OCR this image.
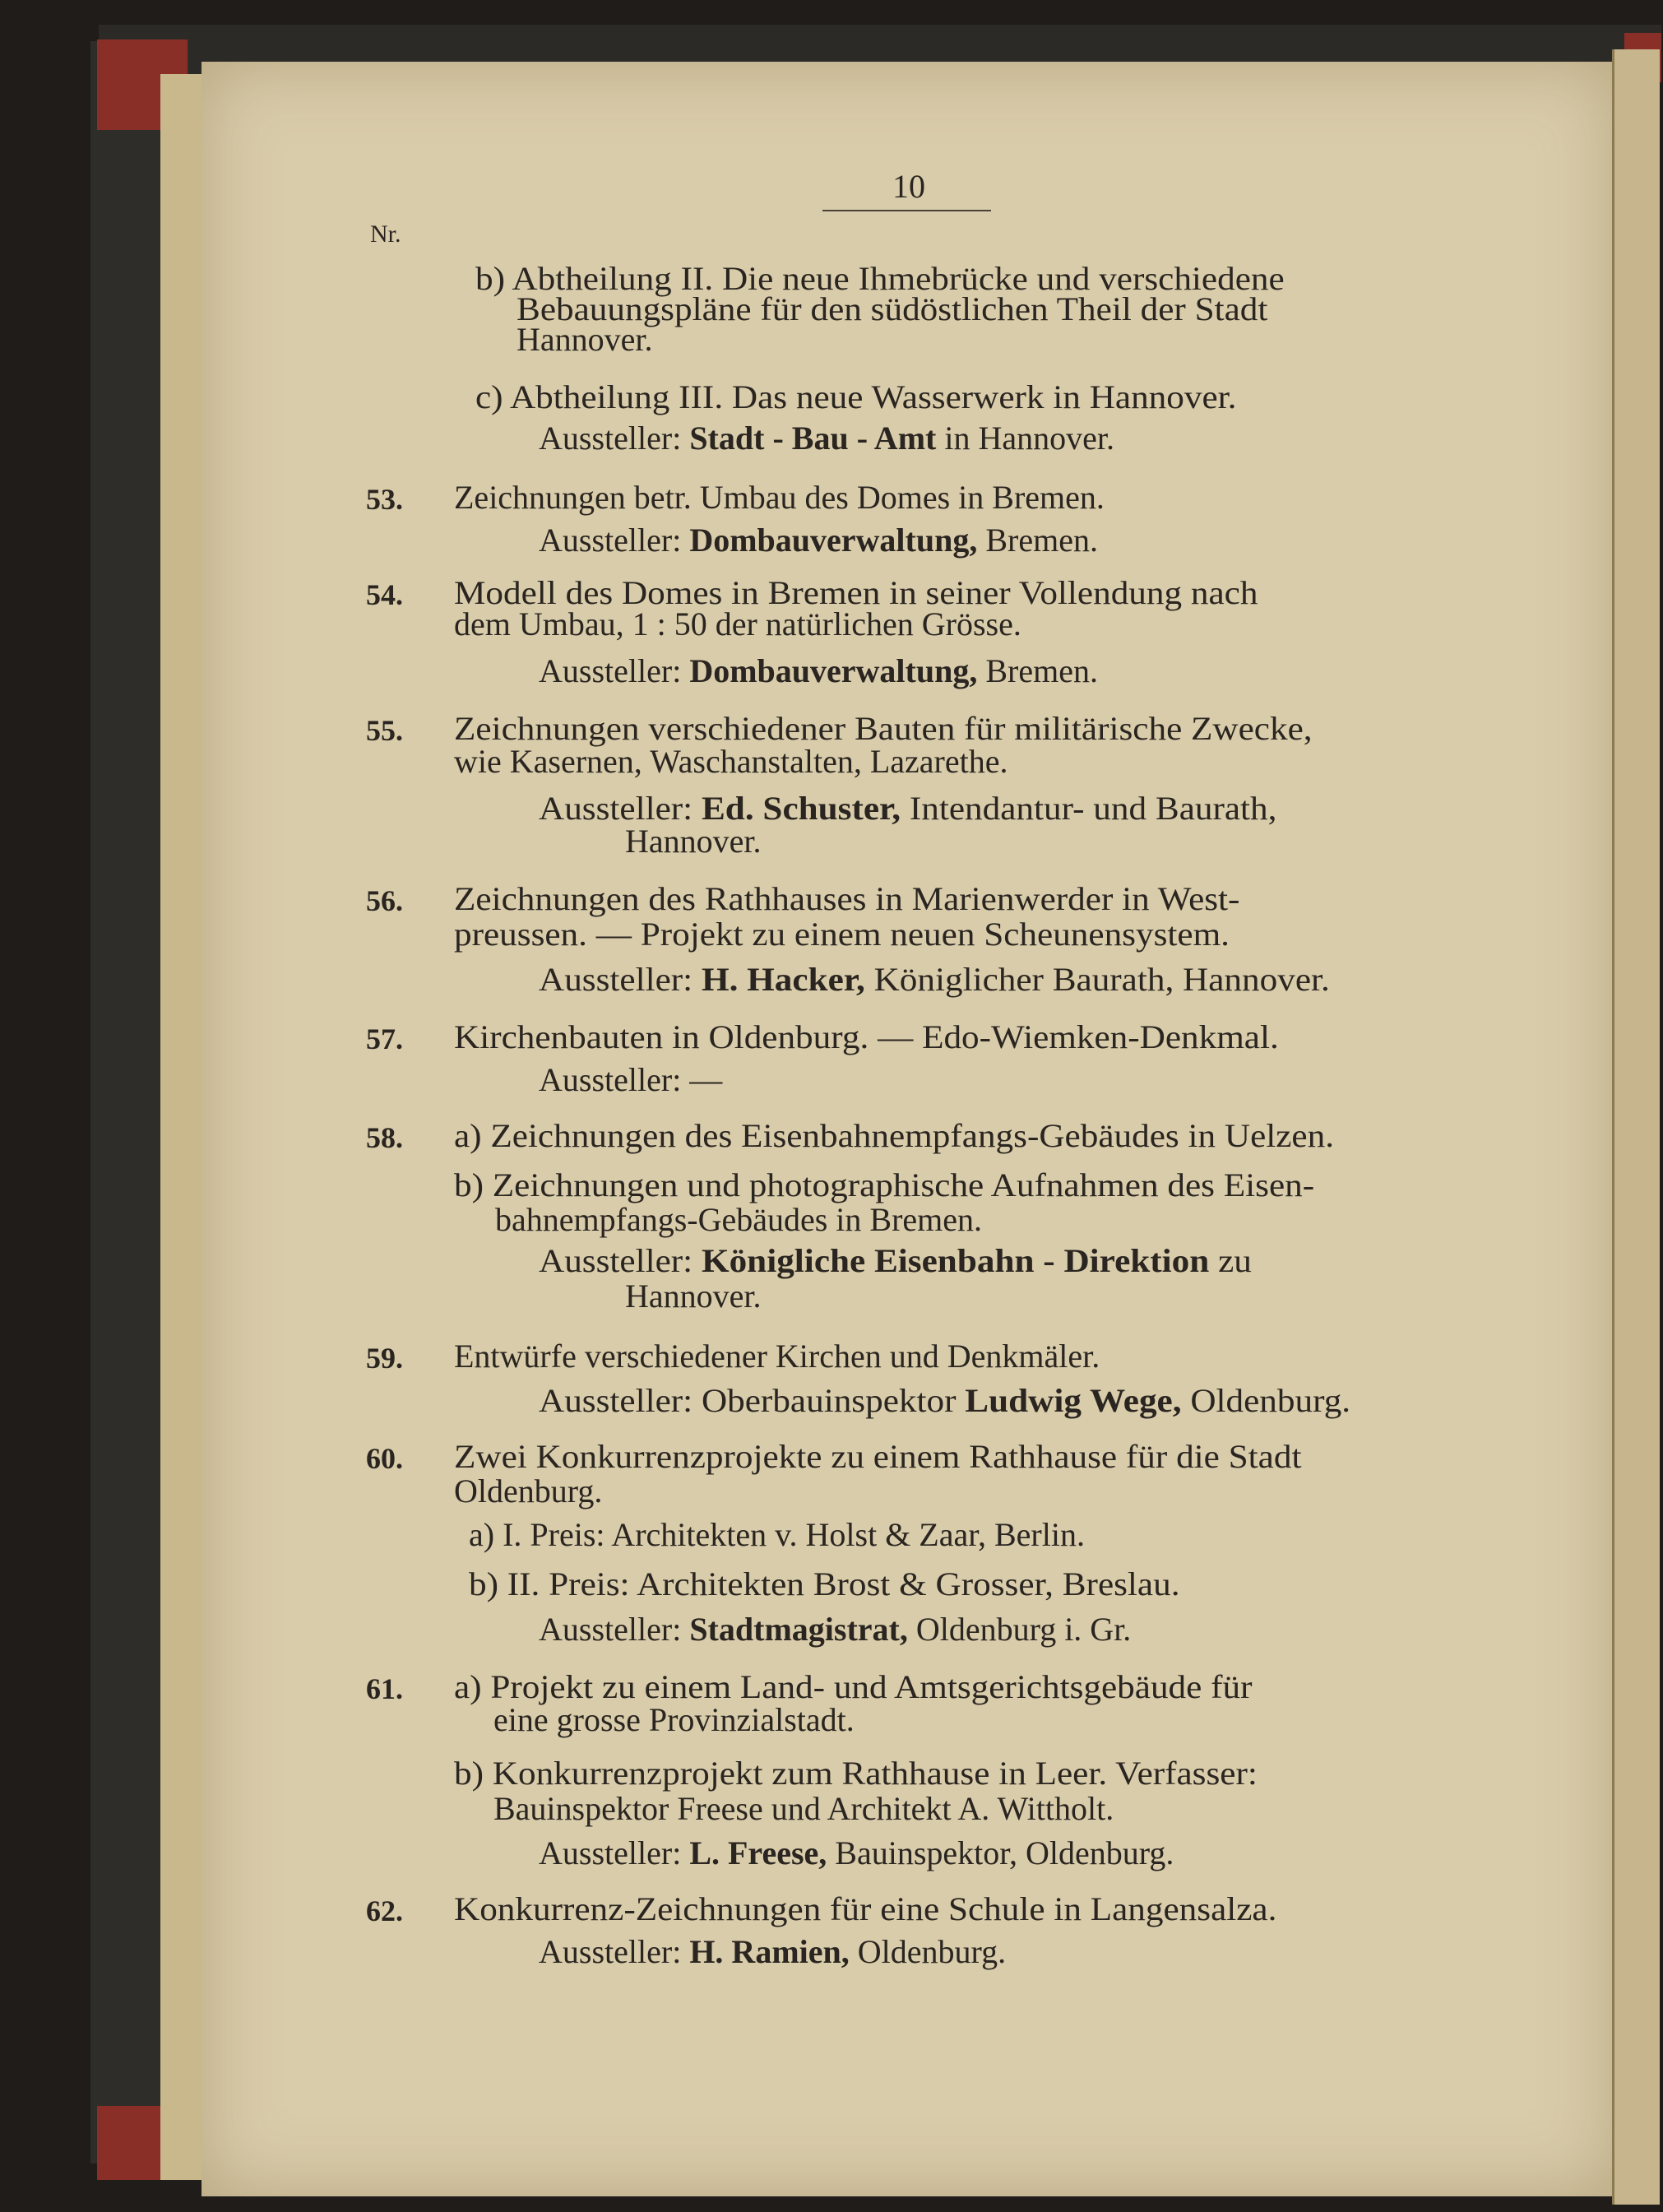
10
Nr.
b) Abtheilung II. Die neue Ihmebrücke und verschiedene
Bebauungspläne für den südöstlichen Theil der Stadt
Hannover.
c) Abtheilung III. Das neue Wasserwerk in Hannover.
Aussteller: Stadt - Bau - Amt in Hannover.
53. Zeichnungen betr. Umbau des Domes in Bremen.
Aussteller: Dombauverwaltung, Bremen.
54. Modell des Domes in Bremen in seiner Vollendung nach
dem Umbau, 1 : 50 der natürlichen Grösse.
Aussteller: Dombauverwaltung, Bremen.
55. Zeichnungen verschiedener Bauten für militärische Zwecke,
wie Kasernen, Waschanstalten, Lazarethe.
Aussteller: Ed. Schuster, Intendantur- und Baurath,
Hannover.
56. Zeichnungen des Rathhauses in Marienwerder in West-
preussen. — Projekt zu einem neuen Scheunensystem.
Aussteller: H. Hacker, Königlicher Baurath, Hannover.
57. Kirchenbauten in Oldenburg. — Edo-Wiemken-Denkmal.
Aussteller: —
58. a) Zeichnungen des Eisenbahnempfangs-Gebäudes in Uelzen.
b) Zeichnungen und photographische Aufnahmen des Eisen-
bahnempfangs-Gebäudes in Bremen.
Aussteller: Königliche Eisenbahn - Direktion zu
Hannover.
59. Entwürfe verschiedener Kirchen und Denkmäler.
Aussteller: Oberbauinspektor Ludwig Wege, Oldenburg.
60. Zwei Konkurrenzprojekte zu einem Rathhause für die Stadt
Oldenburg.
a) I. Preis: Architekten v. Holst & Zaar, Berlin.
b) II. Preis: Architekten Brost & Grosser, Breslau.
Aussteller: Stadtmagistrat, Oldenburg i. Gr.
61. a) Projekt zu einem Land- und Amtsgerichtsgebäude für
eine grosse Provinzialstadt.
b) Konkurrenzprojekt zum Rathhause in Leer. Verfasser:
Bauinspektor Freese und Architekt A. Wittholt.
Aussteller: L. Freese, Bauinspektor, Oldenburg.
62. Konkurrenz-Zeichnungen für eine Schule in Langensalza.
Aussteller: H. Ramien, Oldenburg.
